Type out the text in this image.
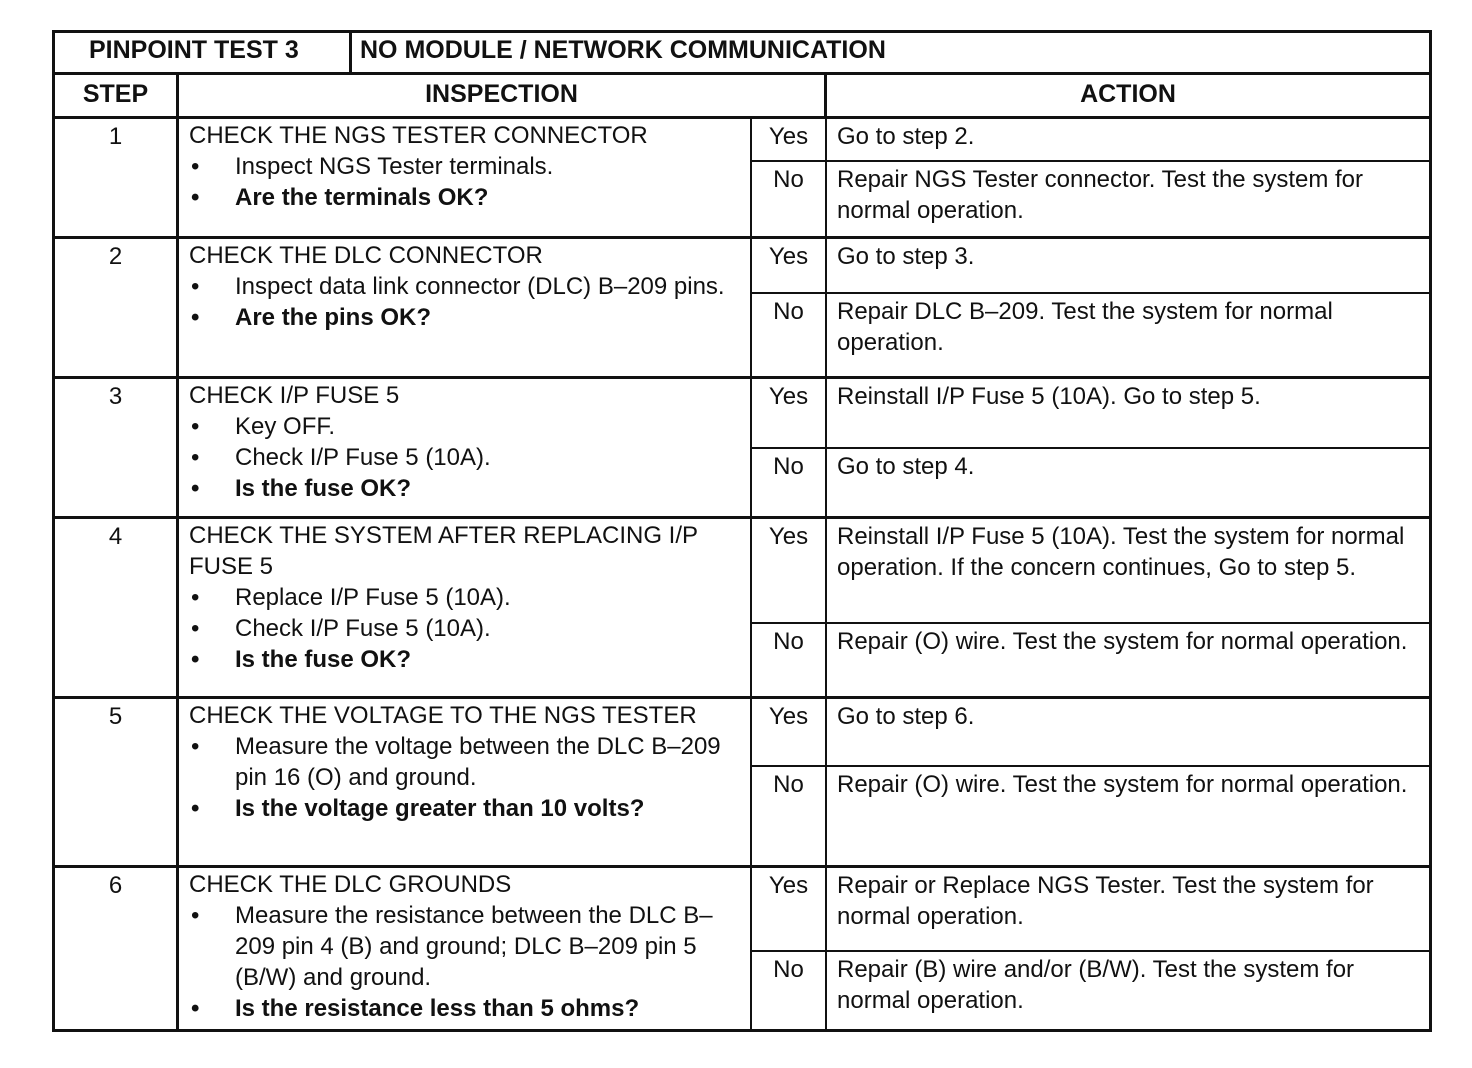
PINPOINT TEST 3	NO MODULE / NETWORK COMMUNICATION
STEP	INSPECTION	ACTION
1	CHECK THE NGS TESTER CONNECTOR
• Inspect NGS Tester terminals.
• Are the terminals OK?
Yes	Go to step 2.
No	Repair NGS Tester connector. Test the system for normal operation.
2	CHECK THE DLC CONNECTOR
• Inspect data link connector (DLC) B–209 pins.
• Are the pins OK?
Yes	Go to step 3.
No	Repair DLC B–209. Test the system for normal operation.
3	CHECK I/P FUSE 5
• Key OFF.
• Check I/P Fuse 5 (10A).
• Is the fuse OK?
Yes	Reinstall I/P Fuse 5 (10A). Go to step 5.
No	Go to step 4.
4	CHECK THE SYSTEM AFTER REPLACING I/P FUSE 5
• Replace I/P Fuse 5 (10A).
• Check I/P Fuse 5 (10A).
• Is the fuse OK?
Yes	Reinstall I/P Fuse 5 (10A). Test the system for normal operation. If the concern continues, Go to step 5.
No	Repair (O) wire. Test the system for normal operation.
5	CHECK THE VOLTAGE TO THE NGS TESTER
• Measure the voltage between the DLC B–209 pin 16 (O) and ground.
• Is the voltage greater than 10 volts?
Yes	Go to step 6.
No	Repair (O) wire. Test the system for normal operation.
6	CHECK THE DLC GROUNDS
• Measure the resistance between the DLC B–209 pin 4 (B) and ground; DLC B–209 pin 5 (B/W) and ground.
• Is the resistance less than 5 ohms?
Yes	Repair or Replace NGS Tester. Test the system for normal operation.
No	Repair (B) wire and/or (B/W). Test the system for normal operation.
